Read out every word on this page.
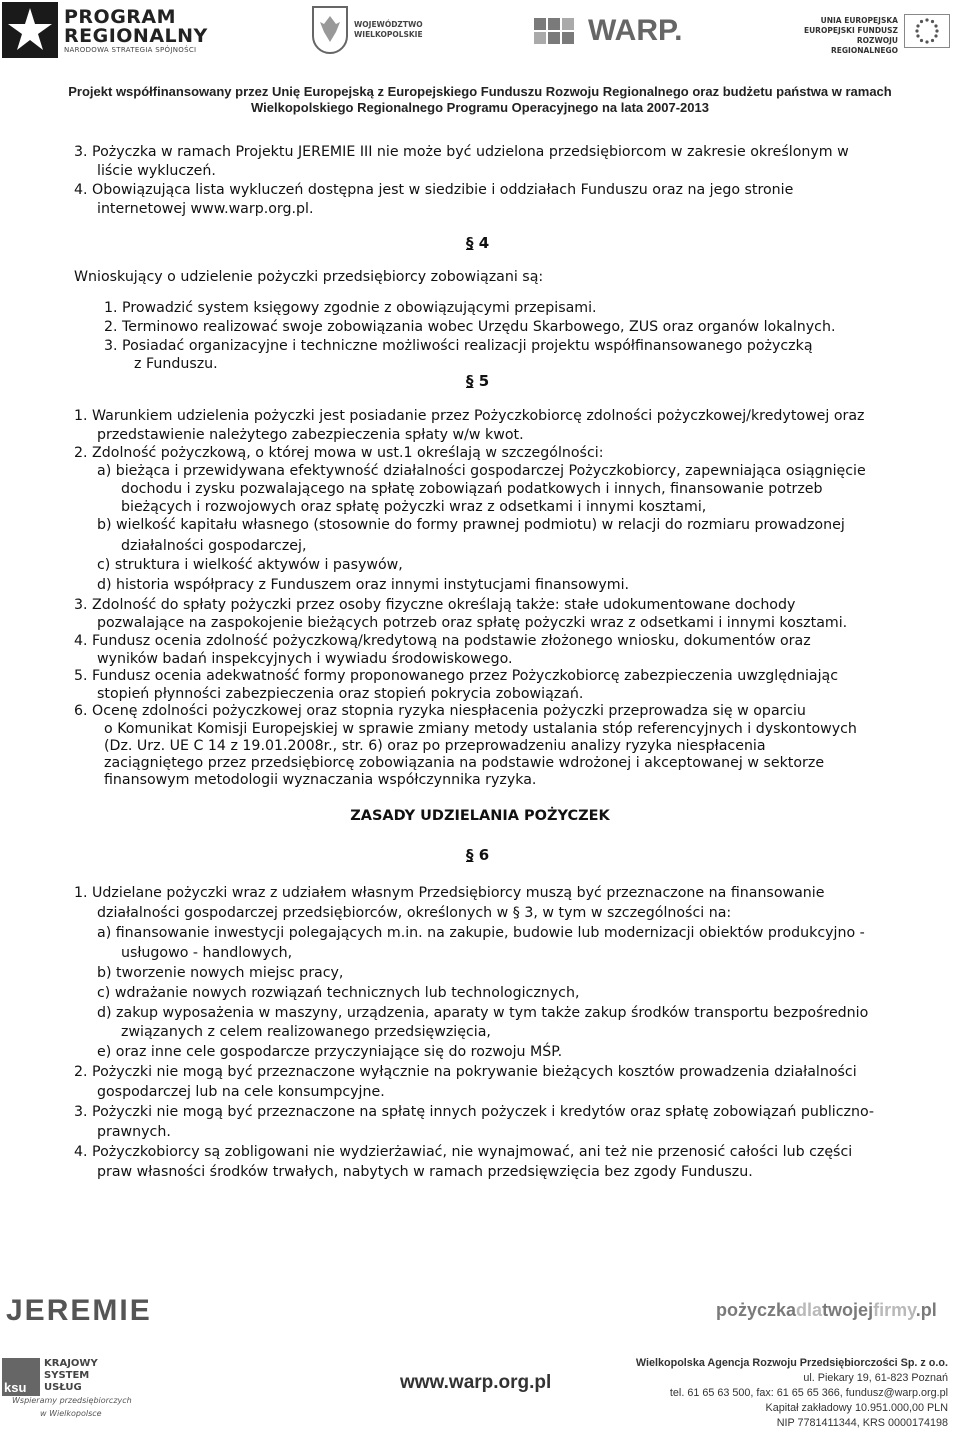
PROGRAM
REGIONALNY
NARODOWA STRATEGIA SPÓJNOŚCI
WOJEWÓDZTWO
WIELKOPOLSKIE	WARP.	UNIA EUROPEJSKA
EUROPEJSKI FUNDUSZ
ROZWOJU REGIONALNEGO
Projekt współfinansowany przez Unię Europejską z Europejskiego Funduszu Rozwoju Regionalnego oraz budżetu państwa w ramach
Wielkopolskiego Regionalnego Programu Operacyjnego na lata 2007-2013
3. Pożyczka w ramach Projektu JEREMIE III nie może być udzielona przedsiębiorcom w zakresie określonym w
liście wykluczeń.
4. Obowiązująca lista wykluczeń dostępna jest w siedzibie i oddziałach Funduszu oraz na jego stronie
internetowej www.warp.org.pl.
§ 4
Wnioskujący o udzielenie pożyczki przedsiębiorcy zobowiązani są:
1. Prowadzić system księgowy zgodnie z obowiązującymi przepisami.
2. Terminowo realizować swoje zobowiązania wobec Urzędu Skarbowego, ZUS oraz organów lokalnych.
3. Posiadać organizacyjne i techniczne możliwości realizacji projektu współfinansowanego pożyczką
z Funduszu.
§ 5
1. Warunkiem udzielenia pożyczki jest posiadanie przez Pożyczkobiorcę zdolności pożyczkowej/kredytowej oraz
przedstawienie należytego zabezpieczenia spłaty w/w kwot.
2. Zdolność pożyczkową, o której mowa w ust.1 określają w szczególności:
a) bieżąca i przewidywana efektywność działalności gospodarczej Pożyczkobiorcy, zapewniająca osiągnięcie
dochodu i zysku pozwalającego na spłatę zobowiązań podatkowych i innych, finansowanie potrzeb
bieżących i rozwojowych oraz spłatę pożyczki wraz z odsetkami i innymi kosztami,
b) wielkość kapitału własnego (stosownie do formy prawnej podmiotu) w relacji do rozmiaru prowadzonej
działalności gospodarczej,
c) struktura i wielkość aktywów i pasywów,
d) historia współpracy z Funduszem oraz innymi instytucjami finansowymi.
3. Zdolność do spłaty pożyczki przez osoby fizyczne określają także: stałe udokumentowane dochody
pozwalające na zaspokojenie bieżących potrzeb oraz spłatę pożyczki wraz z odsetkami i innymi kosztami.
4. Fundusz ocenia zdolność pożyczkową/kredytową na podstawie złożonego wniosku, dokumentów oraz
wyników badań inspekcyjnych i wywiadu środowiskowego.
5. Fundusz ocenia adekwatność formy proponowanego przez Pożyczkobiorcę zabezpieczenia uwzględniając
stopień płynności zabezpieczenia oraz stopień pokrycia zobowiązań.
6. Ocenę zdolności pożyczkowej oraz stopnia ryzyka niespłacenia pożyczki przeprowadza się w oparciu
o Komunikat Komisji Europejskiej w sprawie zmiany metody ustalania stóp referencyjnych i dyskontowych
(Dz. Urz. UE C 14 z 19.01.2008r., str. 6) oraz po przeprowadzeniu analizy ryzyka niespłacenia
zaciągniętego przez przedsiębiorcę zobowiązania na podstawie wdrożonej i akceptowanej w sektorze
finansowym metodologii wyznaczania współczynnika ryzyka.
ZASADY UDZIELANIA POŻYCZEK
§ 6
1. Udzielane pożyczki wraz z udziałem własnym Przedsiębiorcy muszą być przeznaczone na finansowanie
działalności gospodarczej przedsiębiorców, określonych w § 3, w tym w szczególności na:
a) finansowanie inwestycji polegających m.in. na zakupie, budowie lub modernizacji obiektów produkcyjno -
usługowo - handlowych,
b) tworzenie nowych miejsc pracy,
c) wdrażanie nowych rozwiązań technicznych lub technologicznych,
d) zakup wyposażenia w maszyny, urządzenia, aparaty w tym także zakup środków transportu bezpośrednio
związanych z celem realizowanego przedsięwzięcia,
e) oraz inne cele gospodarcze przyczyniające się do rozwoju MŚP.
2. Pożyczki nie mogą być przeznaczone wyłącznie na pokrywanie bieżących kosztów prowadzenia działalności
gospodarczej lub na cele konsumpcyjne.
3. Pożyczki nie mogą być przeznaczone na spłatę innych pożyczek i kredytów oraz spłatę zobowiązań publiczno-
prawnych.
4. Pożyczkobiorcy są zobligowani nie wydzierżawiać, nie wynajmować, ani też nie przenosić całości lub części
praw własności środków trwałych, nabytych w ramach przedsięwzięcia bez zgody Funduszu.
JEREMIE	pożyczkadlatwojejfirmy.pl
ksu
KRAJOWY
SYSTEM
USŁUG
Wspieramy przedsiębiorczych
w Wielkopolsce
www.warp.org.pl
Wielkopolska Agencja Rozwoju Przedsiębiorczości Sp. z o.o.
ul. Piekary 19, 61-823 Poznań
tel. 61 65 63 500, fax: 61 65 65 366, fundusz@warp.org.pl
Kapitał zakładowy 10.951.000,00 PLN
NIP 7781411344, KRS 0000174198
